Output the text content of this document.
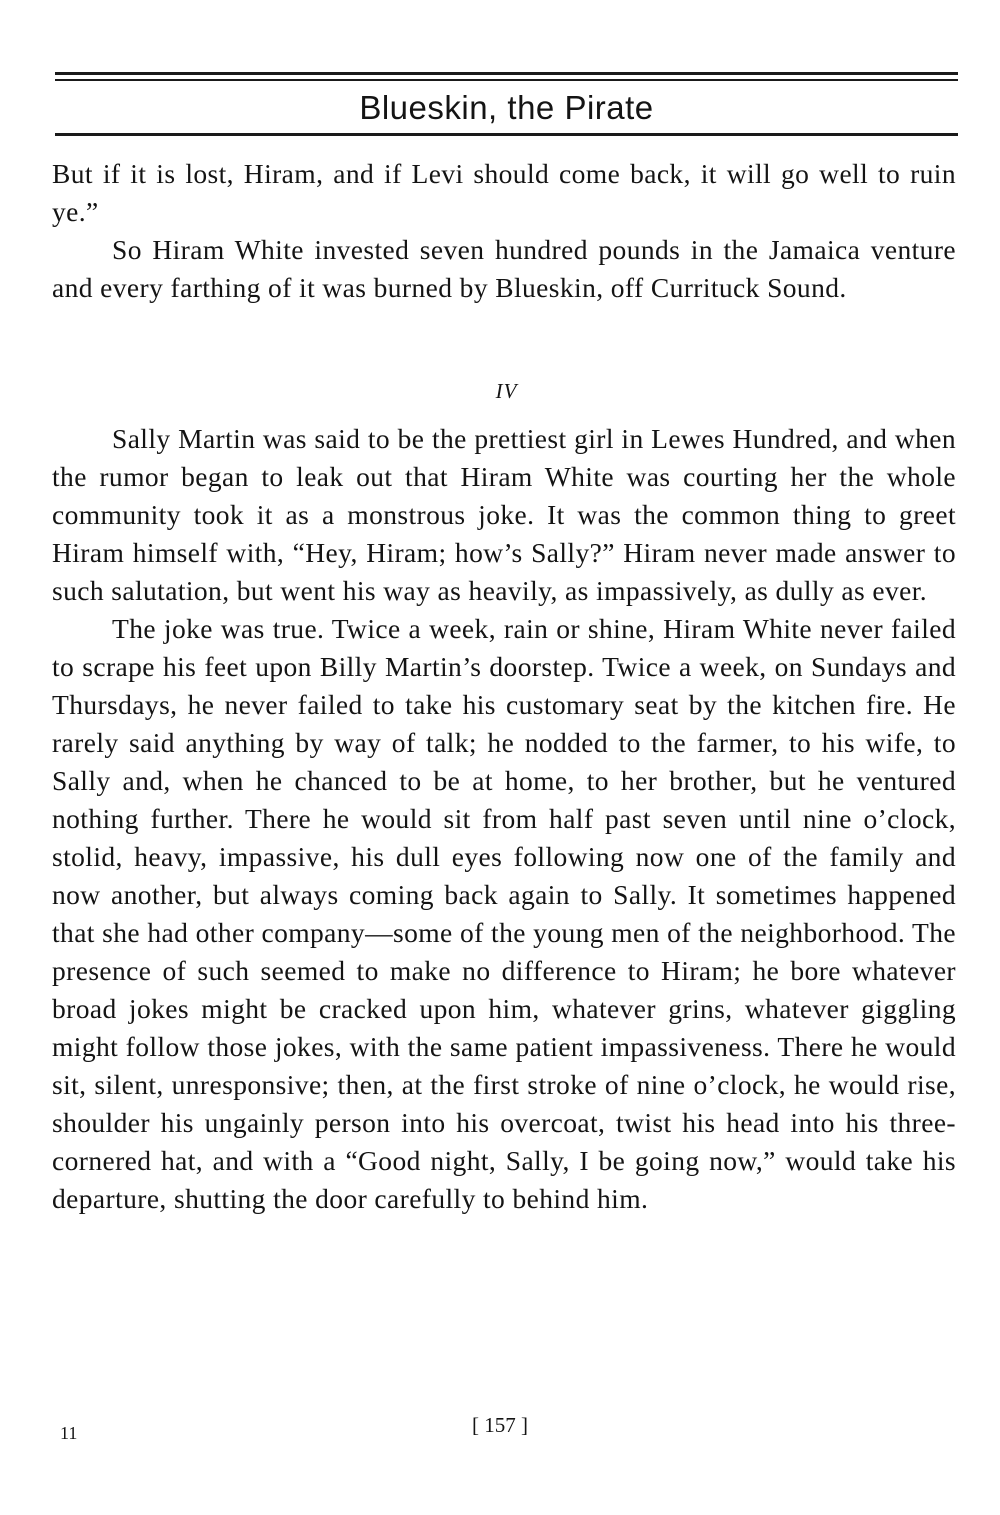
Blueskin, the Pirate

But if it is lost, Hiram, and if Levi should come back, it will go well to ruin ye.”

So Hiram White invested seven hundred pounds in the Jamaica venture and every farthing of it was burned by Blueskin, off Currituck Sound.

IV

Sally Martin was said to be the prettiest girl in Lewes Hundred, and when the rumor began to leak out that Hiram White was courting her the whole community took it as a monstrous joke. It was the common thing to greet Hiram himself with, “Hey, Hiram; how’s Sally?” Hiram never made answer to such salutation, but went his way as heavily, as impassively, as dully as ever.

The joke was true. Twice a week, rain or shine, Hiram White never failed to scrape his feet upon Billy Martin’s doorstep. Twice a week, on Sundays and Thursdays, he never failed to take his customary seat by the kitchen fire. He rarely said anything by way of talk; he nodded to the farmer, to his wife, to Sally and, when he chanced to be at home, to her brother, but he ventured nothing further. There he would sit from half past seven until nine o’clock, stolid, heavy, impassive, his dull eyes following now one of the family and now another, but always coming back again to Sally. It sometimes happened that she had other company—some of the young men of the neighborhood. The presence of such seemed to make no difference to Hiram; he bore whatever broad jokes might be cracked upon him, whatever grins, whatever giggling might follow those jokes, with the same patient impassiveness. There he would sit, silent, unresponsive; then, at the first stroke of nine o’clock, he would rise, shoulder his ungainly person into his overcoat, twist his head into his three-cornered hat, and with a “Good night, Sally, I be going now,” would take his departure, shutting the door carefully to behind him.

11	[ 157 ]
